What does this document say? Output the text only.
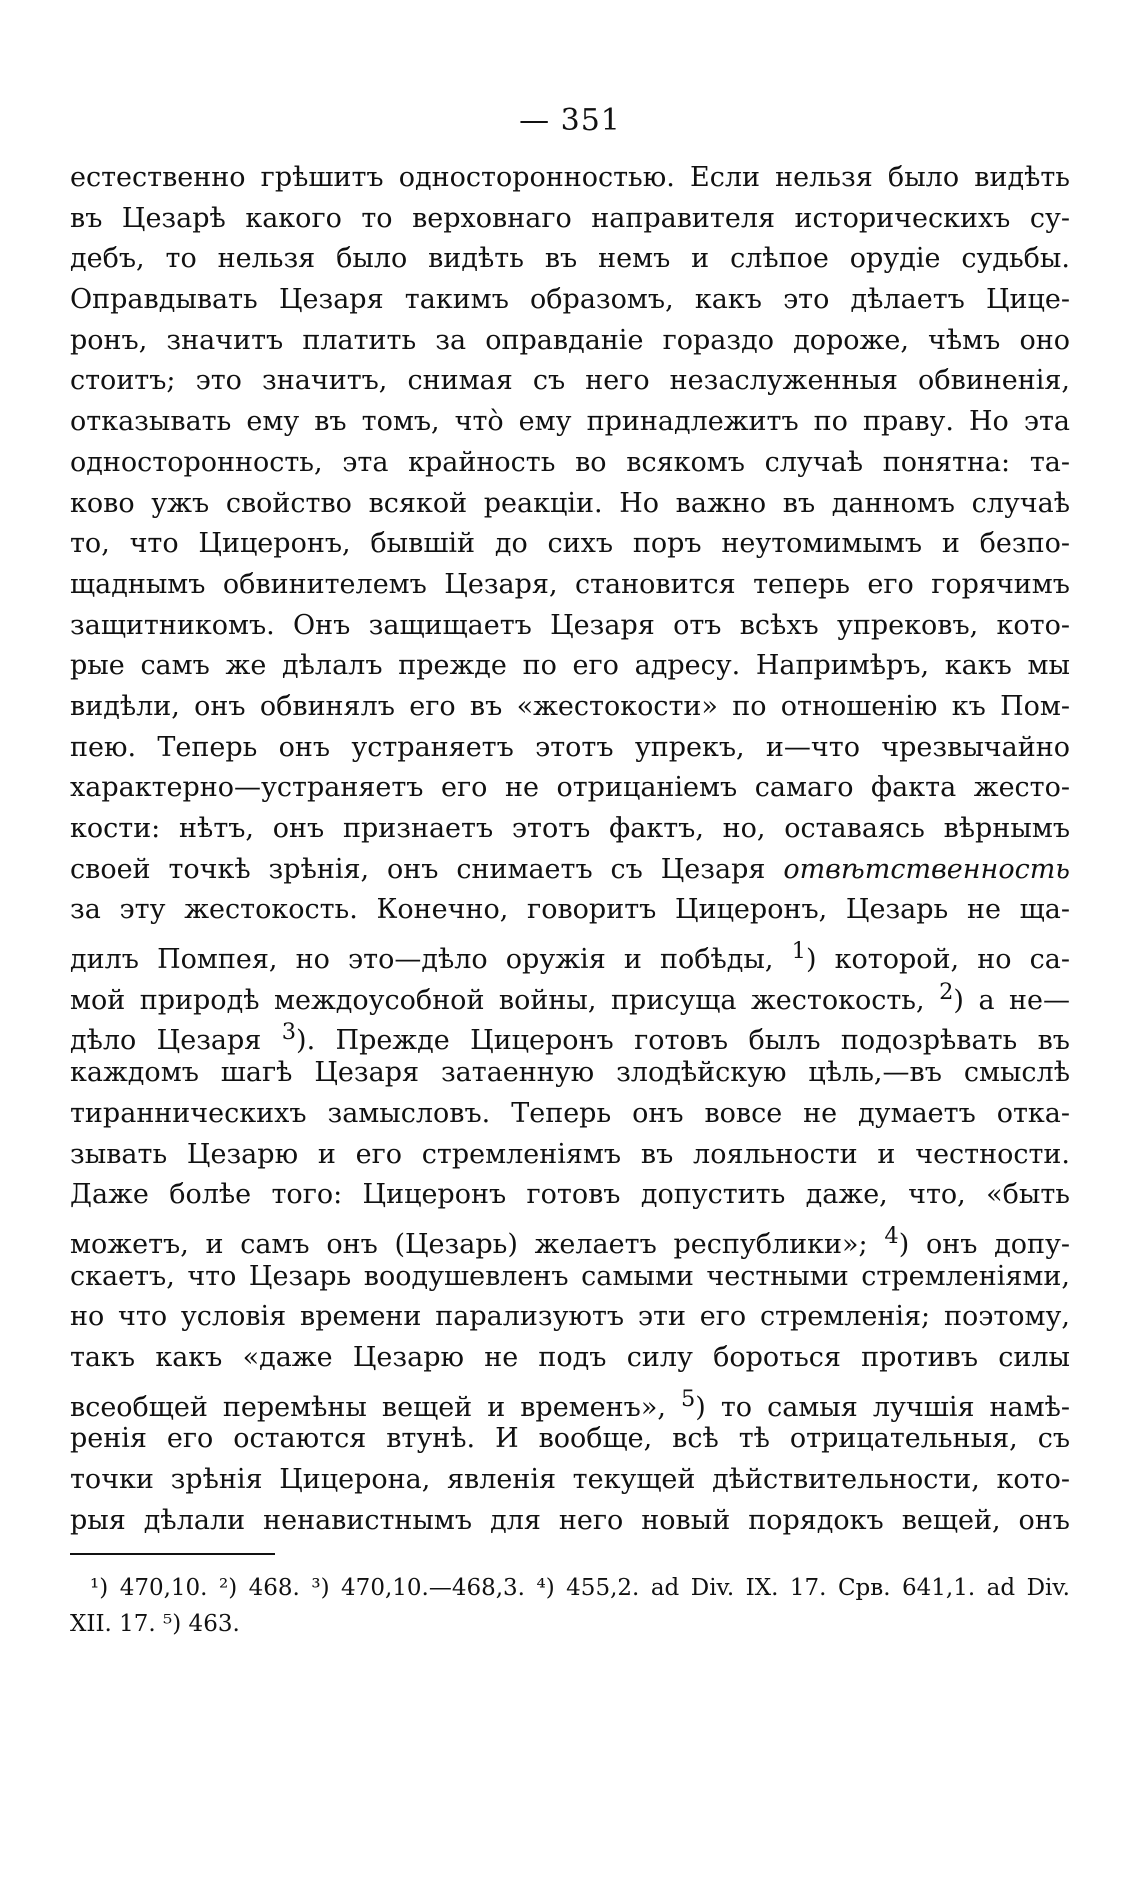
— 351
естественно грѣшитъ односторонностью. Если нельзя было видѣть
въ Цезарѣ какого то верховнаго направителя историческихъ су-
дебъ, то нельзя было видѣть въ немъ и слѣпое орудіе судьбы.
Оправдывать Цезаря такимъ образомъ, какъ это дѣлаетъ Цице-
ронъ, значитъ платить за оправданіе гораздо дороже, чѣмъ оно
стоитъ; это значитъ, снимая съ него незаслуженныя обвиненія,
отказывать ему въ томъ, что̀ ему принадлежитъ по праву. Но эта
односторонность, эта крайность во всякомъ случаѣ понятна: та-
ково ужъ свойство всякой реакціи. Но важно въ данномъ случаѣ
то, что Цицеронъ, бывшій до сихъ поръ неутомимымъ и безпо-
щаднымъ обвинителемъ Цезаря, становится теперь его горячимъ
защитникомъ. Онъ защищаетъ Цезаря отъ всѣхъ упрековъ, кото-
рые самъ же дѣлалъ прежде по его адресу. Напримѣръ, какъ мы
видѣли, онъ обвинялъ его въ «жестокости» по отношенію къ Пом-
пею. Теперь онъ устраняетъ этотъ упрекъ, и—что чрезвычайно
характерно—устраняетъ его не отрицаніемъ самаго факта жесто-
кости: нѣтъ, онъ признаетъ этотъ фактъ, но, оставаясь вѣрнымъ
своей точкѣ зрѣнія, онъ снимаетъ съ Цезаря отвѣтственность
за эту жестокость. Конечно, говоритъ Цицеронъ, Цезарь не ща-
дилъ Помпея, но это—дѣло оружія и побѣды, $^1$) которой, но са-
мой природѣ междоусобной войны, присуща жестокость, $^2$) а не—
дѣло Цезаря $^3$). Прежде Цицеронъ готовъ былъ подозрѣвать въ
каждомъ шагѣ Цезаря затаенную злодѣйскую цѣль,—въ смыслѣ
тиранническихъ замысловъ. Теперь онъ вовсе не думаетъ отка-
зывать Цезарю и его стремленіямъ въ лояльности и честности.
Даже болѣе того: Цицеронъ готовъ допустить даже, что, «быть
можетъ, и самъ онъ (Цезарь) желаетъ республики»; $^4$) онъ допу-
скаетъ, что Цезарь воодушевленъ самыми честными стремленіями,
но что условія времени парализуютъ эти его стремленія; поэтому,
такъ какъ «даже Цезарю не подъ силу бороться противъ силы
всеобщей перемѣны вещей и временъ», $^5$) то самыя лучшія намѣ-
ренія его остаются втунѣ. И вообще, всѣ тѣ отрицательныя, съ
точки зрѣнія Цицерона, явленія текущей дѣйствительности, кото-
рыя дѣлали ненавистнымъ для него новый порядокъ вещей, онъ
¹) 470,10. ²) 468. ³) 470,10.—468,3. ⁴) 455,2. ad Div. IX. 17. Срв. 641,1. ad Div.
XII. 17. ⁵) 463.
